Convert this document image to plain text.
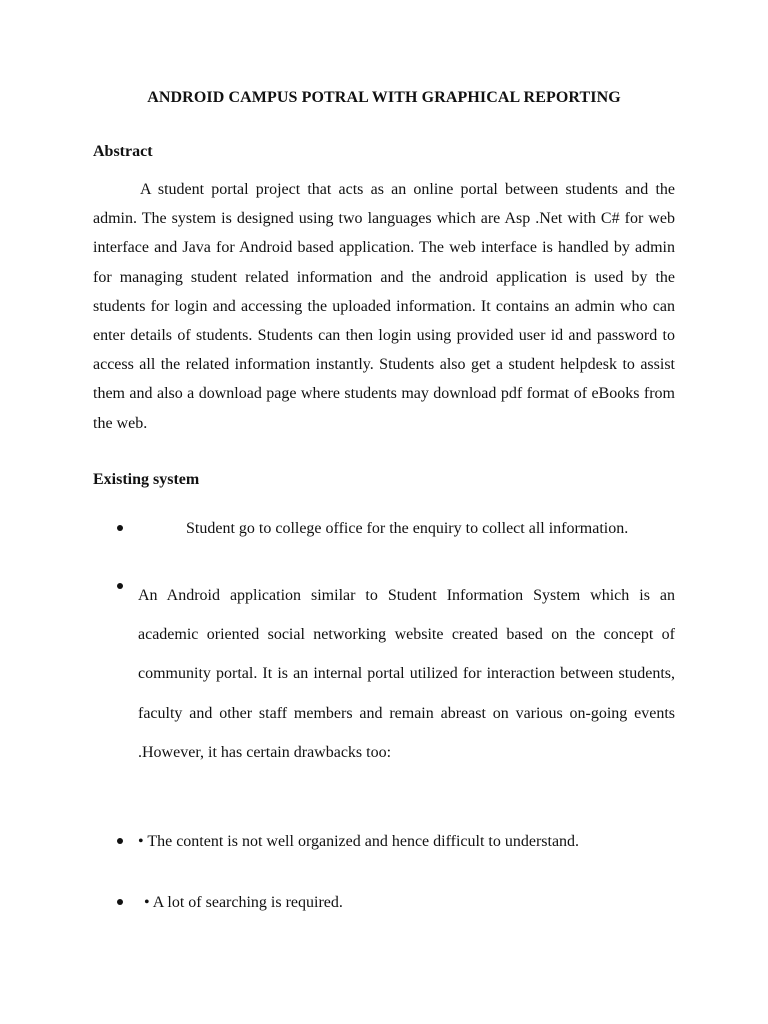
ANDROID CAMPUS POTRAL WITH GRAPHICAL REPORTING
Abstract

A student portal project that acts as an online portal between students and the admin. The system is designed using two languages which are Asp .Net with C# for web interface and Java for Android based application. The web interface is handled by admin for managing student related information and the android application is used by the students for login and accessing the uploaded information. It contains an admin who can enter details of students. Students can then login using provided user id and password to access all the related information instantly. Students also get a student helpdesk to assist them and also a download page where students may download pdf format of eBooks from the web.

Existing system

Student go to college office for the enquiry to collect all information.

An Android application similar to Student Information System which is an academic oriented social networking website created based on the concept of community portal. It is an internal portal utilized for interaction between students, faculty and other staff members and remain abreast on various on-going events .However, it has certain drawbacks too:

• The content is not well organized and hence difficult to understand.

• A lot of searching is required.
